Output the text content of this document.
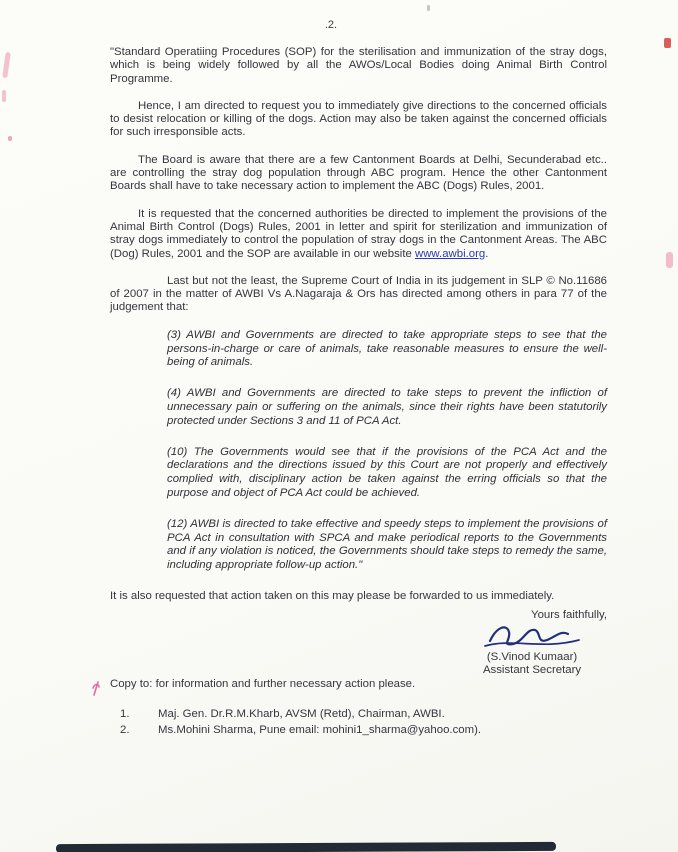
.2.

"Standard Operatiing Procedures (SOP) for the sterilisation and immunization of the stray dogs, which is being widely followed by all the AWOs/Local Bodies doing Animal Birth Control Programme.

Hence, I am directed to request you to immediately give directions to the concerned officials to desist relocation or killing of the dogs. Action may also be taken against the concerned officials for such irresponsible acts.

The Board is aware that there are a few Cantonment Boards at Delhi, Secunderabad etc.. are controlling the stray dog population through ABC program. Hence the other Cantonment Boards shall have to take necessary action to implement the ABC (Dogs) Rules, 2001.

It is requested that the concerned authorities be directed to implement the provisions of the Animal Birth Control (Dogs) Rules, 2001 in letter and spirit for sterilization and immunization of stray dogs immediately to control the population of stray dogs in the Cantonment Areas. The ABC (Dog) Rules, 2001 and the SOP are available in our website www.awbi.org.

Last but not the least, the Supreme Court of India in its judgement in SLP © No.11686 of 2007 in the matter of AWBI Vs A.Nagaraja & Ors has directed among others in para 77 of the judgement that:

(3) AWBI and Governments are directed to take appropriate steps to see that the persons-in-charge or care of animals, take reasonable measures to ensure the well-being of animals.

(4) AWBI and Governments are directed to take steps to prevent the infliction of unnecessary pain or suffering on the animals, since their rights have been statutorily protected under Sections 3 and 11 of PCA Act.

(10) The Governments would see that if the provisions of the PCA Act and the declarations and the directions issued by this Court are not properly and effectively complied with, disciplinary action be taken against the erring officials so that the purpose and object of PCA Act could be achieved.

(12) AWBI is directed to take effective and speedy steps to implement the provisions of PCA Act in consultation with SPCA and make periodical reports to the Governments and if any violation is noticed, the Governments should take steps to remedy the same, including appropriate follow-up action."

It is also requested that action taken on this may please be forwarded to us immediately.

Yours faithfully,
(S.Vinod Kumaar)
Assistant Secretary

Copy to: for information and further necessary action please.

1.	Maj. Gen. Dr.R.M.Kharb, AVSM (Retd), Chairman, AWBI.
2.	Ms.Mohini Sharma, Pune email: mohini1_sharma@yahoo.com).
